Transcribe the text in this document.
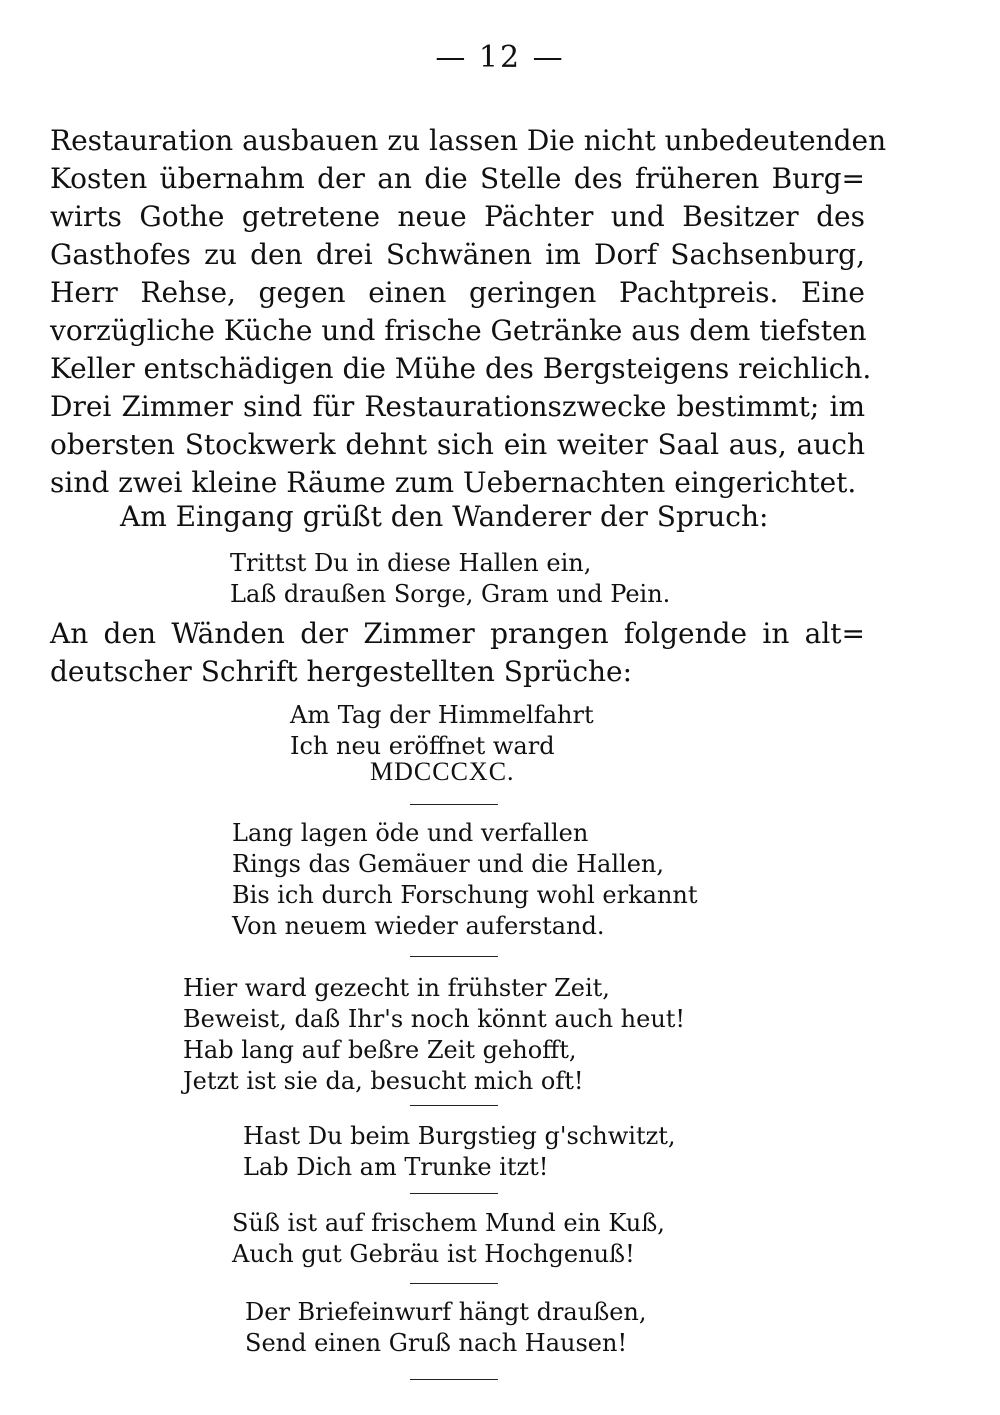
— 12 —
Restauration ausbauen zu lassen Die nicht unbedeutenden
Kosten übernahm der an die Stelle des früheren Burg=
wirts Gothe getretene neue Pächter und Besitzer des
Gasthofes zu den drei Schwänen im Dorf Sachsenburg,
Herr Rehse, gegen einen geringen Pachtpreis. Eine
vorzügliche Küche und frische Getränke aus dem tiefsten
Keller entschädigen die Mühe des Bergsteigens reichlich.
Drei Zimmer sind für Restaurationszwecke bestimmt; im
obersten Stockwerk dehnt sich ein weiter Saal aus, auch
sind zwei kleine Räume zum Uebernachten eingerichtet.
Am Eingang grüßt den Wanderer der Spruch:
Trittst Du in diese Hallen ein,
Laß draußen Sorge, Gram und Pein.
An den Wänden der Zimmer prangen folgende in alt=
deutscher Schrift hergestellten Sprüche:
Am Tag der Himmelfahrt
Ich neu eröffnet ward
MDCCCXC.
Lang lagen öde und verfallen
Rings das Gemäuer und die Hallen,
Bis ich durch Forschung wohl erkannt
Von neuem wieder auferstand.
Hier ward gezecht in frühster Zeit,
Beweist, daß Ihr's noch könnt auch heut!
Hab lang auf beßre Zeit gehofft,
Jetzt ist sie da, besucht mich oft!
Hast Du beim Burgstieg g'schwitzt,
Lab Dich am Trunke itzt!
Süß ist auf frischem Mund ein Kuß,
Auch gut Gebräu ist Hochgenuß!
Der Briefeinwurf hängt draußen,
Send einen Gruß nach Hausen!
